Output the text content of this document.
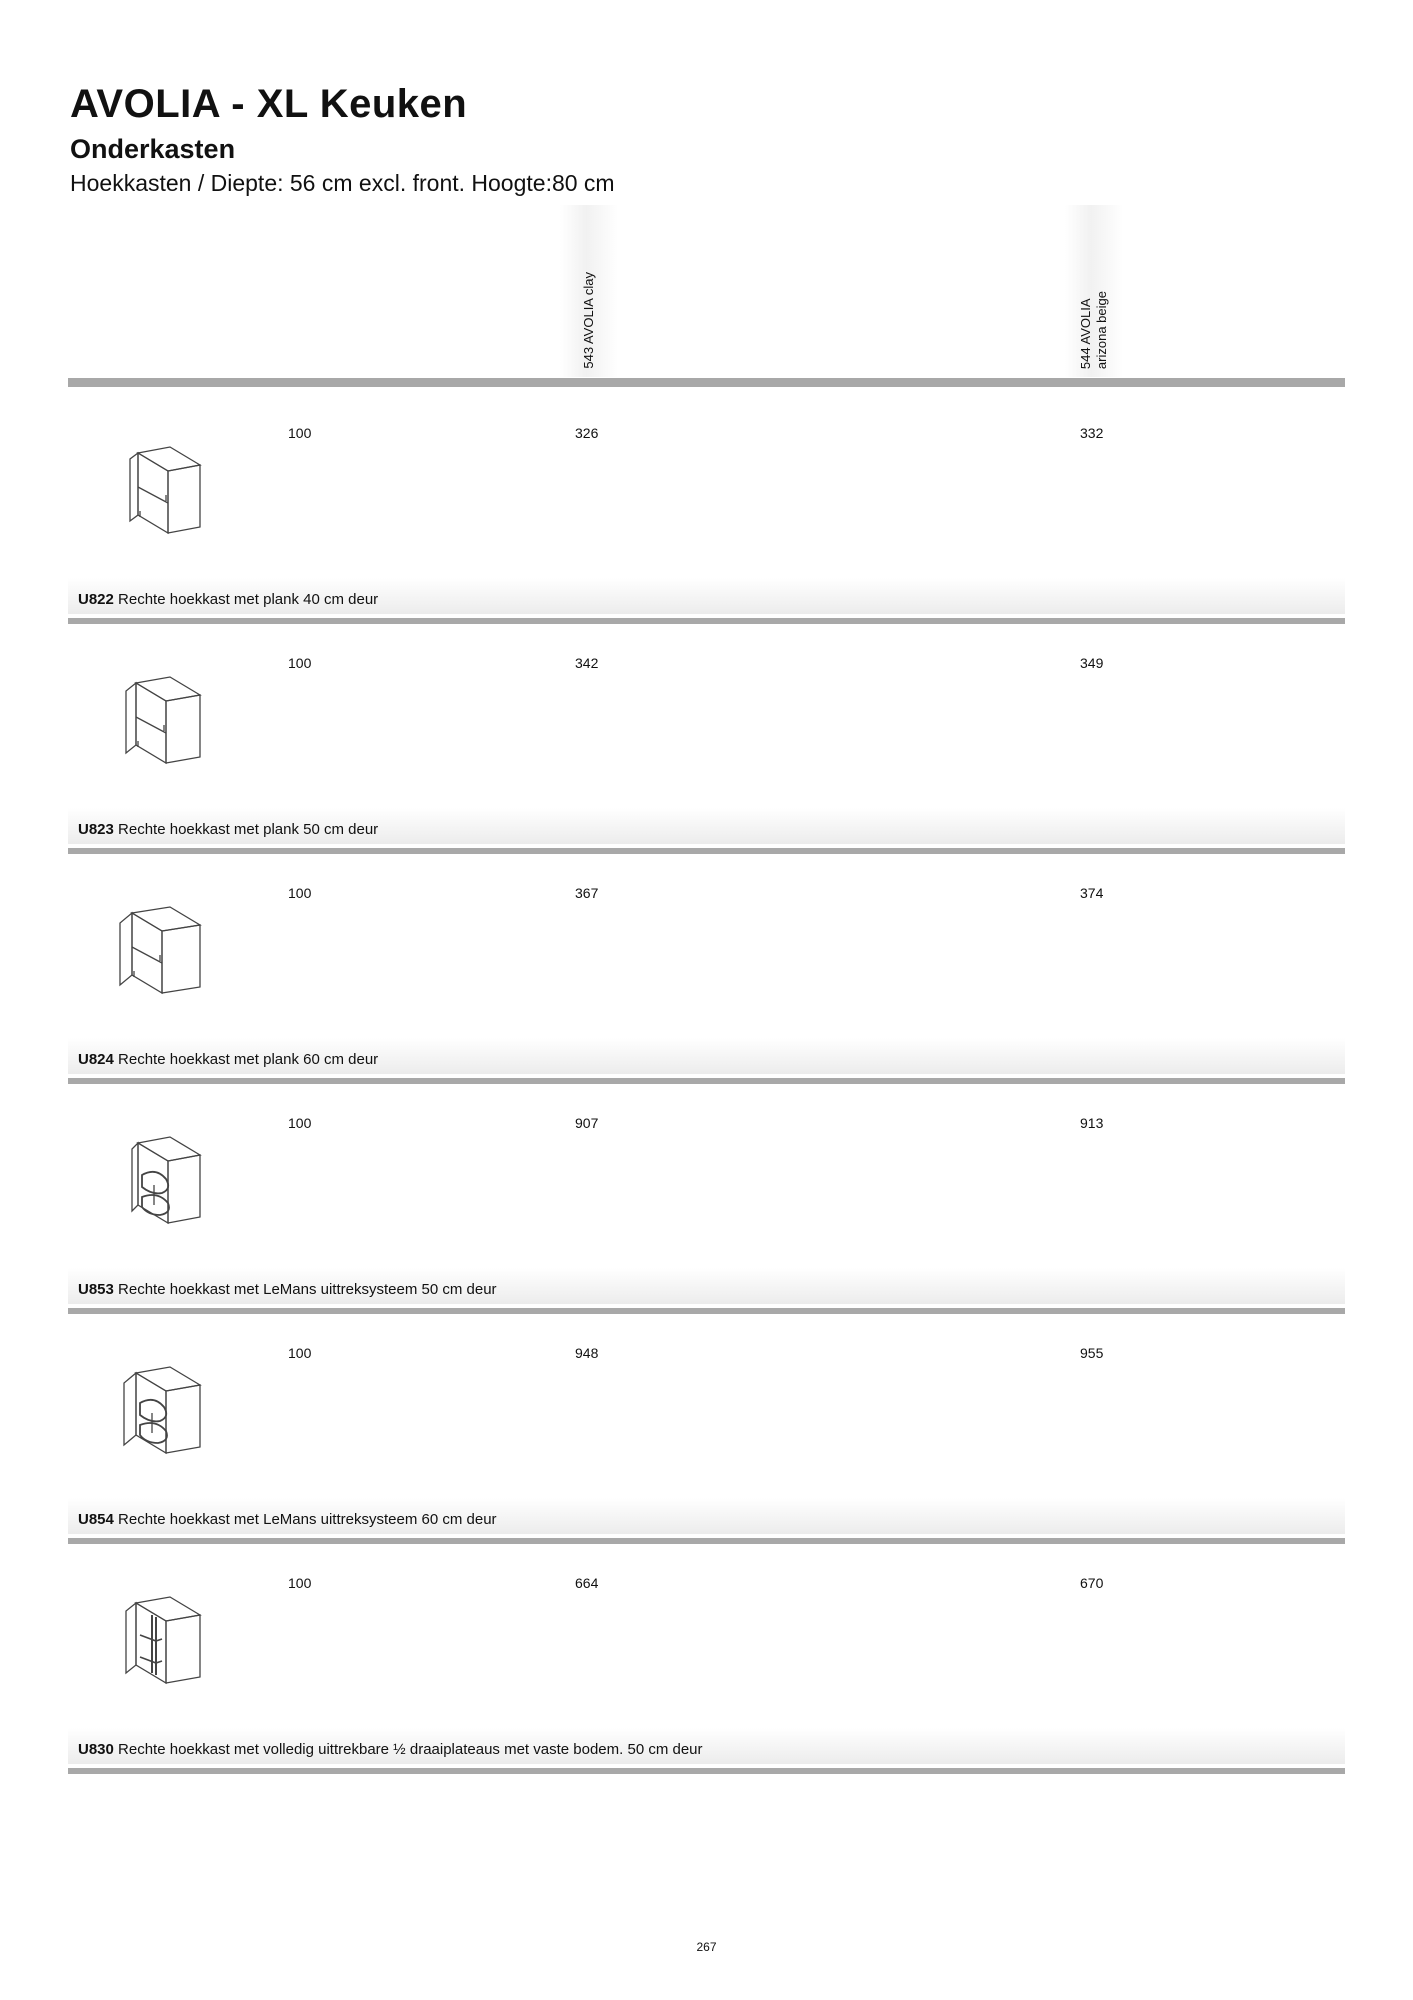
AVOLIA - XL Keuken
Onderkasten
Hoekkasten / Diepte: 56 cm excl. front. Hoogte:80 cm
543 AVOLIA clay	544 AVOLIA
arizona beige
100	326	332
U822 Rechte hoekkast met plank 40 cm deur
100	342	349
U823 Rechte hoekkast met plank 50 cm deur
100	367	374
U824 Rechte hoekkast met plank 60 cm deur
100	907	913
U853 Rechte hoekkast met LeMans uittreksysteem 50 cm deur
100	948	955
U854 Rechte hoekkast met LeMans uittreksysteem 60 cm deur
100	664	670
U830 Rechte hoekkast met volledig uittrekbare ½ draaiplateaus met vaste bodem. 50 cm deur
267
